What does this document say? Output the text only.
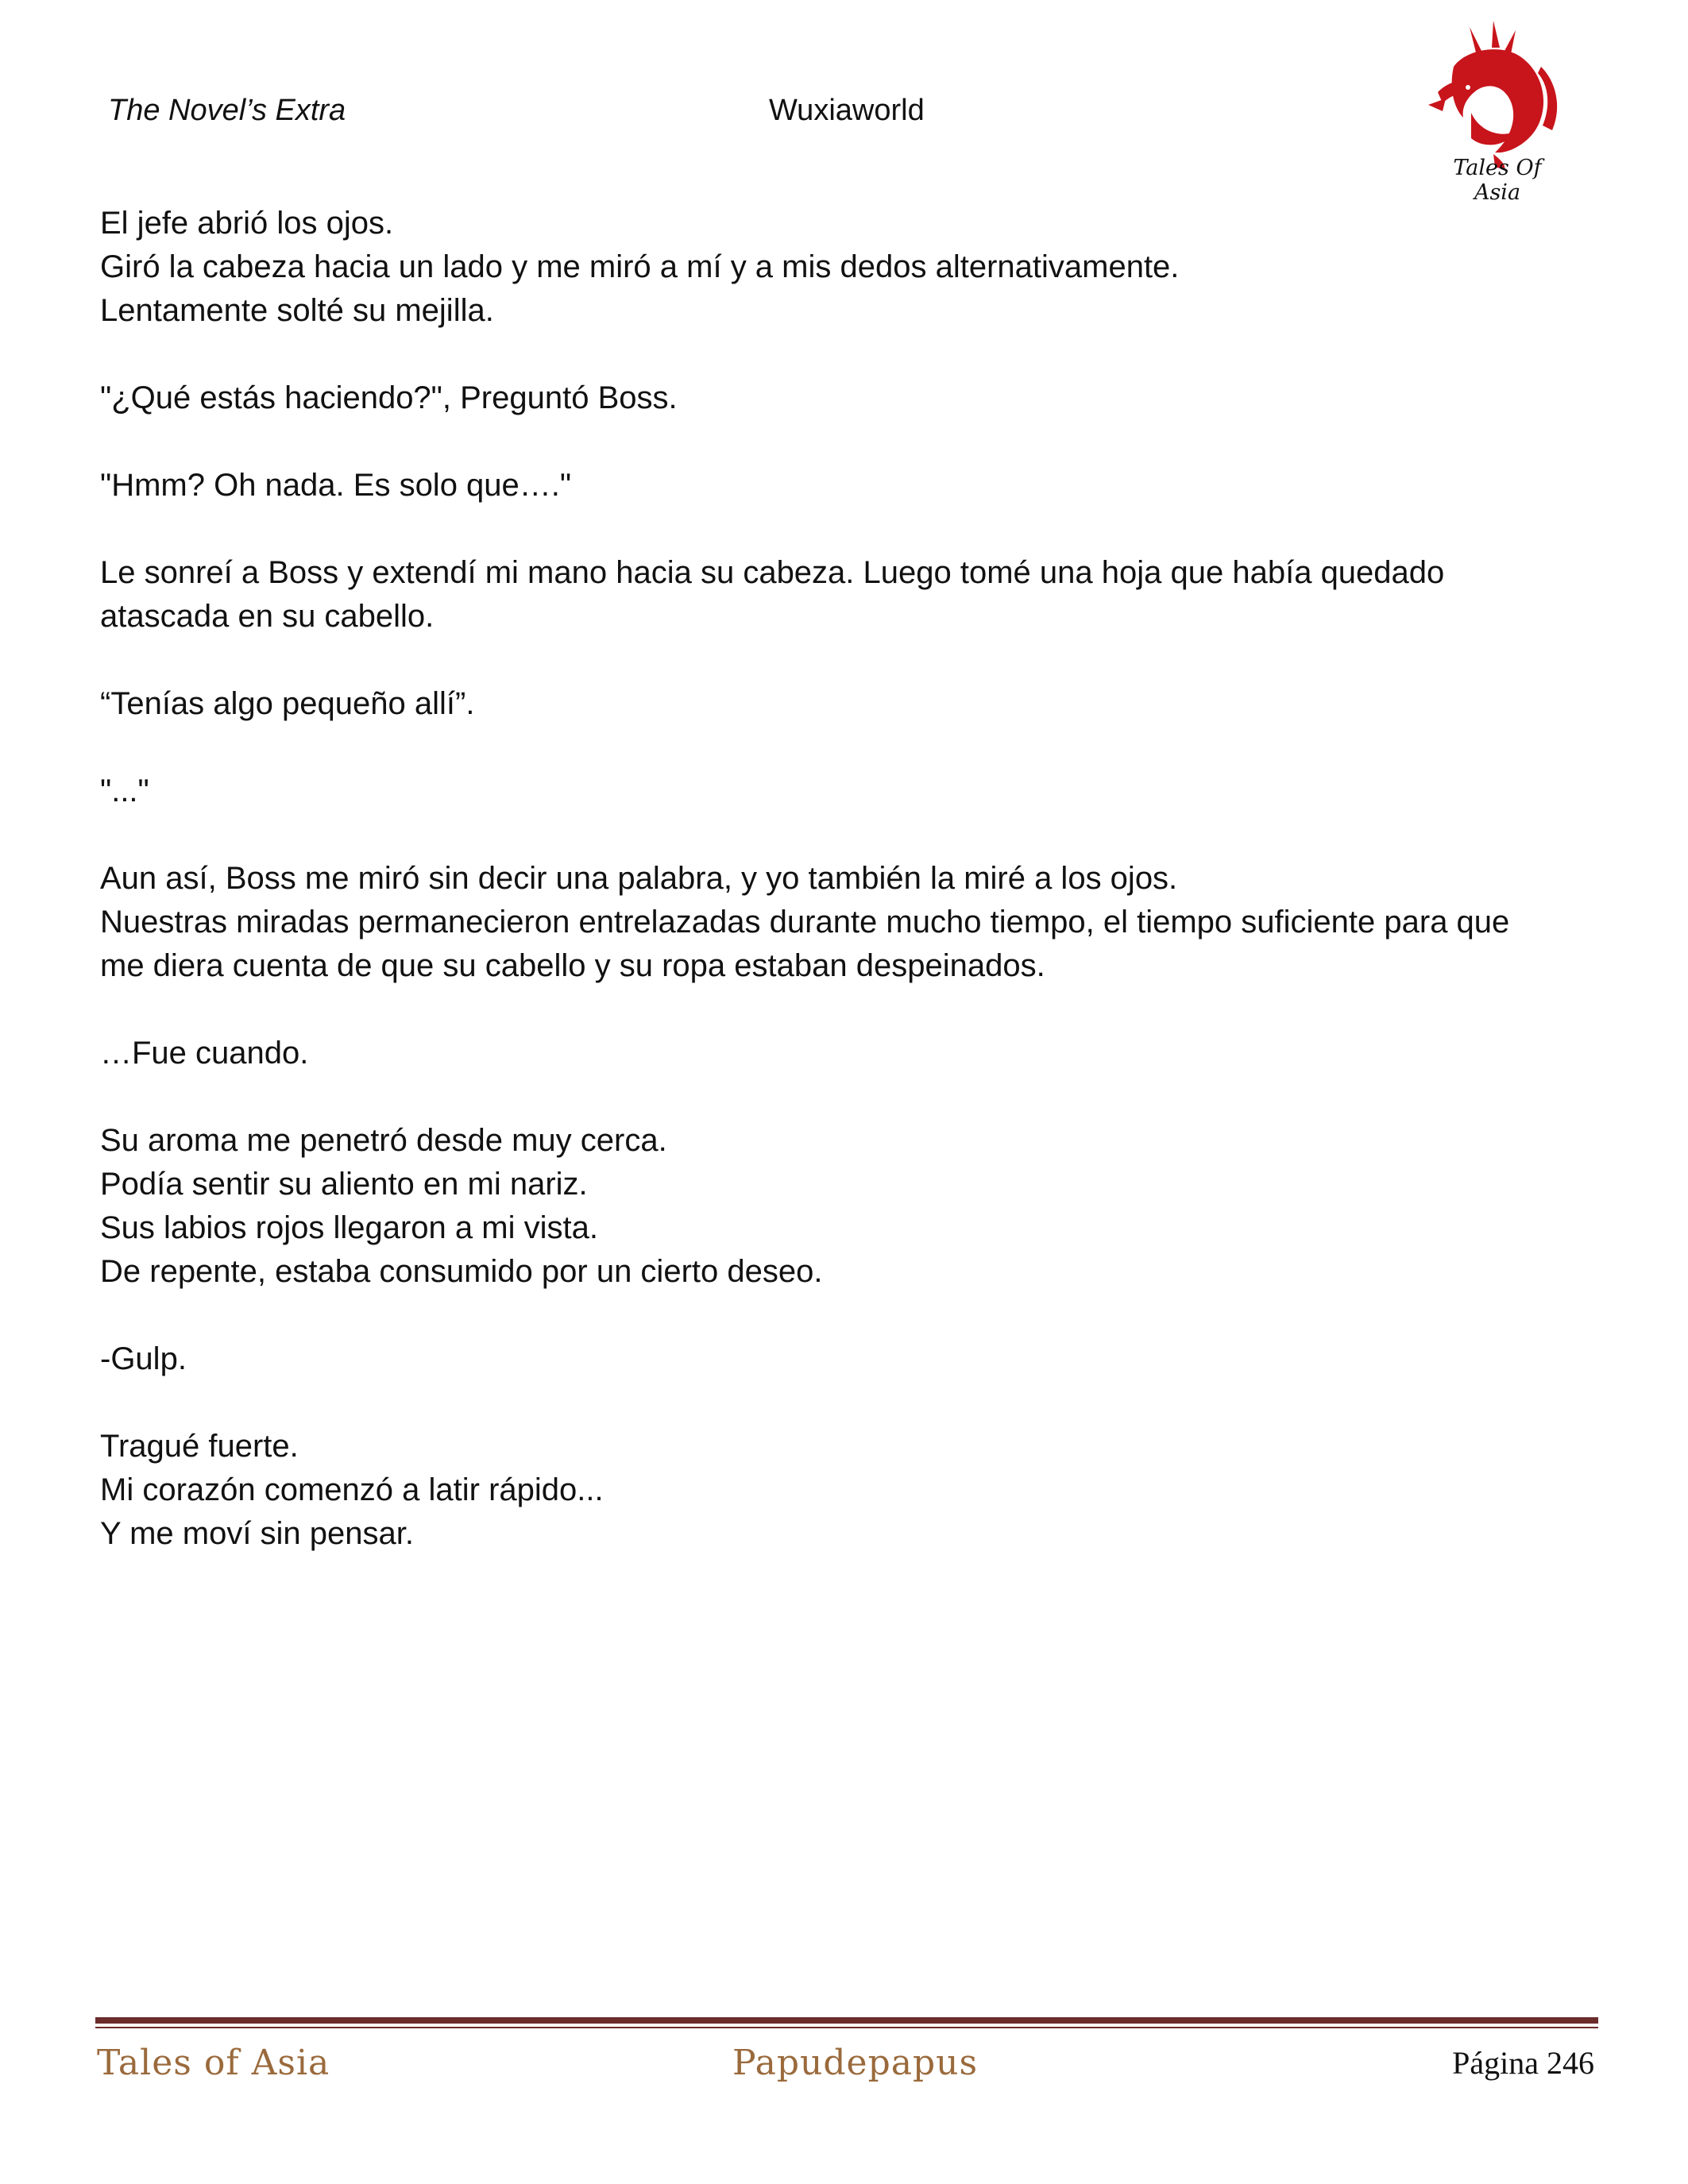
The Novel’s Extra	Wuxiaworld
Tales Of Asia
El jefe abrió los ojos.
Giró la cabeza hacia un lado y me miró a mí y a mis dedos alternativamente.
Lentamente solté su mejilla.
"¿Qué estás haciendo?", Preguntó Boss.
"Hmm? Oh nada. Es solo que…."
Le sonreí a Boss y extendí mi mano hacia su cabeza. Luego tomé una hoja que había quedado
atascada en su cabello.
“Tenías algo pequeño allí”.
"..."
Aun así, Boss me miró sin decir una palabra, y yo también la miré a los ojos.
Nuestras miradas permanecieron entrelazadas durante mucho tiempo, el tiempo suficiente para que
me diera cuenta de que su cabello y su ropa estaban despeinados.
…Fue cuando.
Su aroma me penetró desde muy cerca.
Podía sentir su aliento en mi nariz.
Sus labios rojos llegaron a mi vista.
De repente, estaba consumido por un cierto deseo.
-Gulp.
Tragué fuerte.
Mi corazón comenzó a latir rápido...
Y me moví sin pensar.
Tales of Asia	Papudepapus	Página 246
